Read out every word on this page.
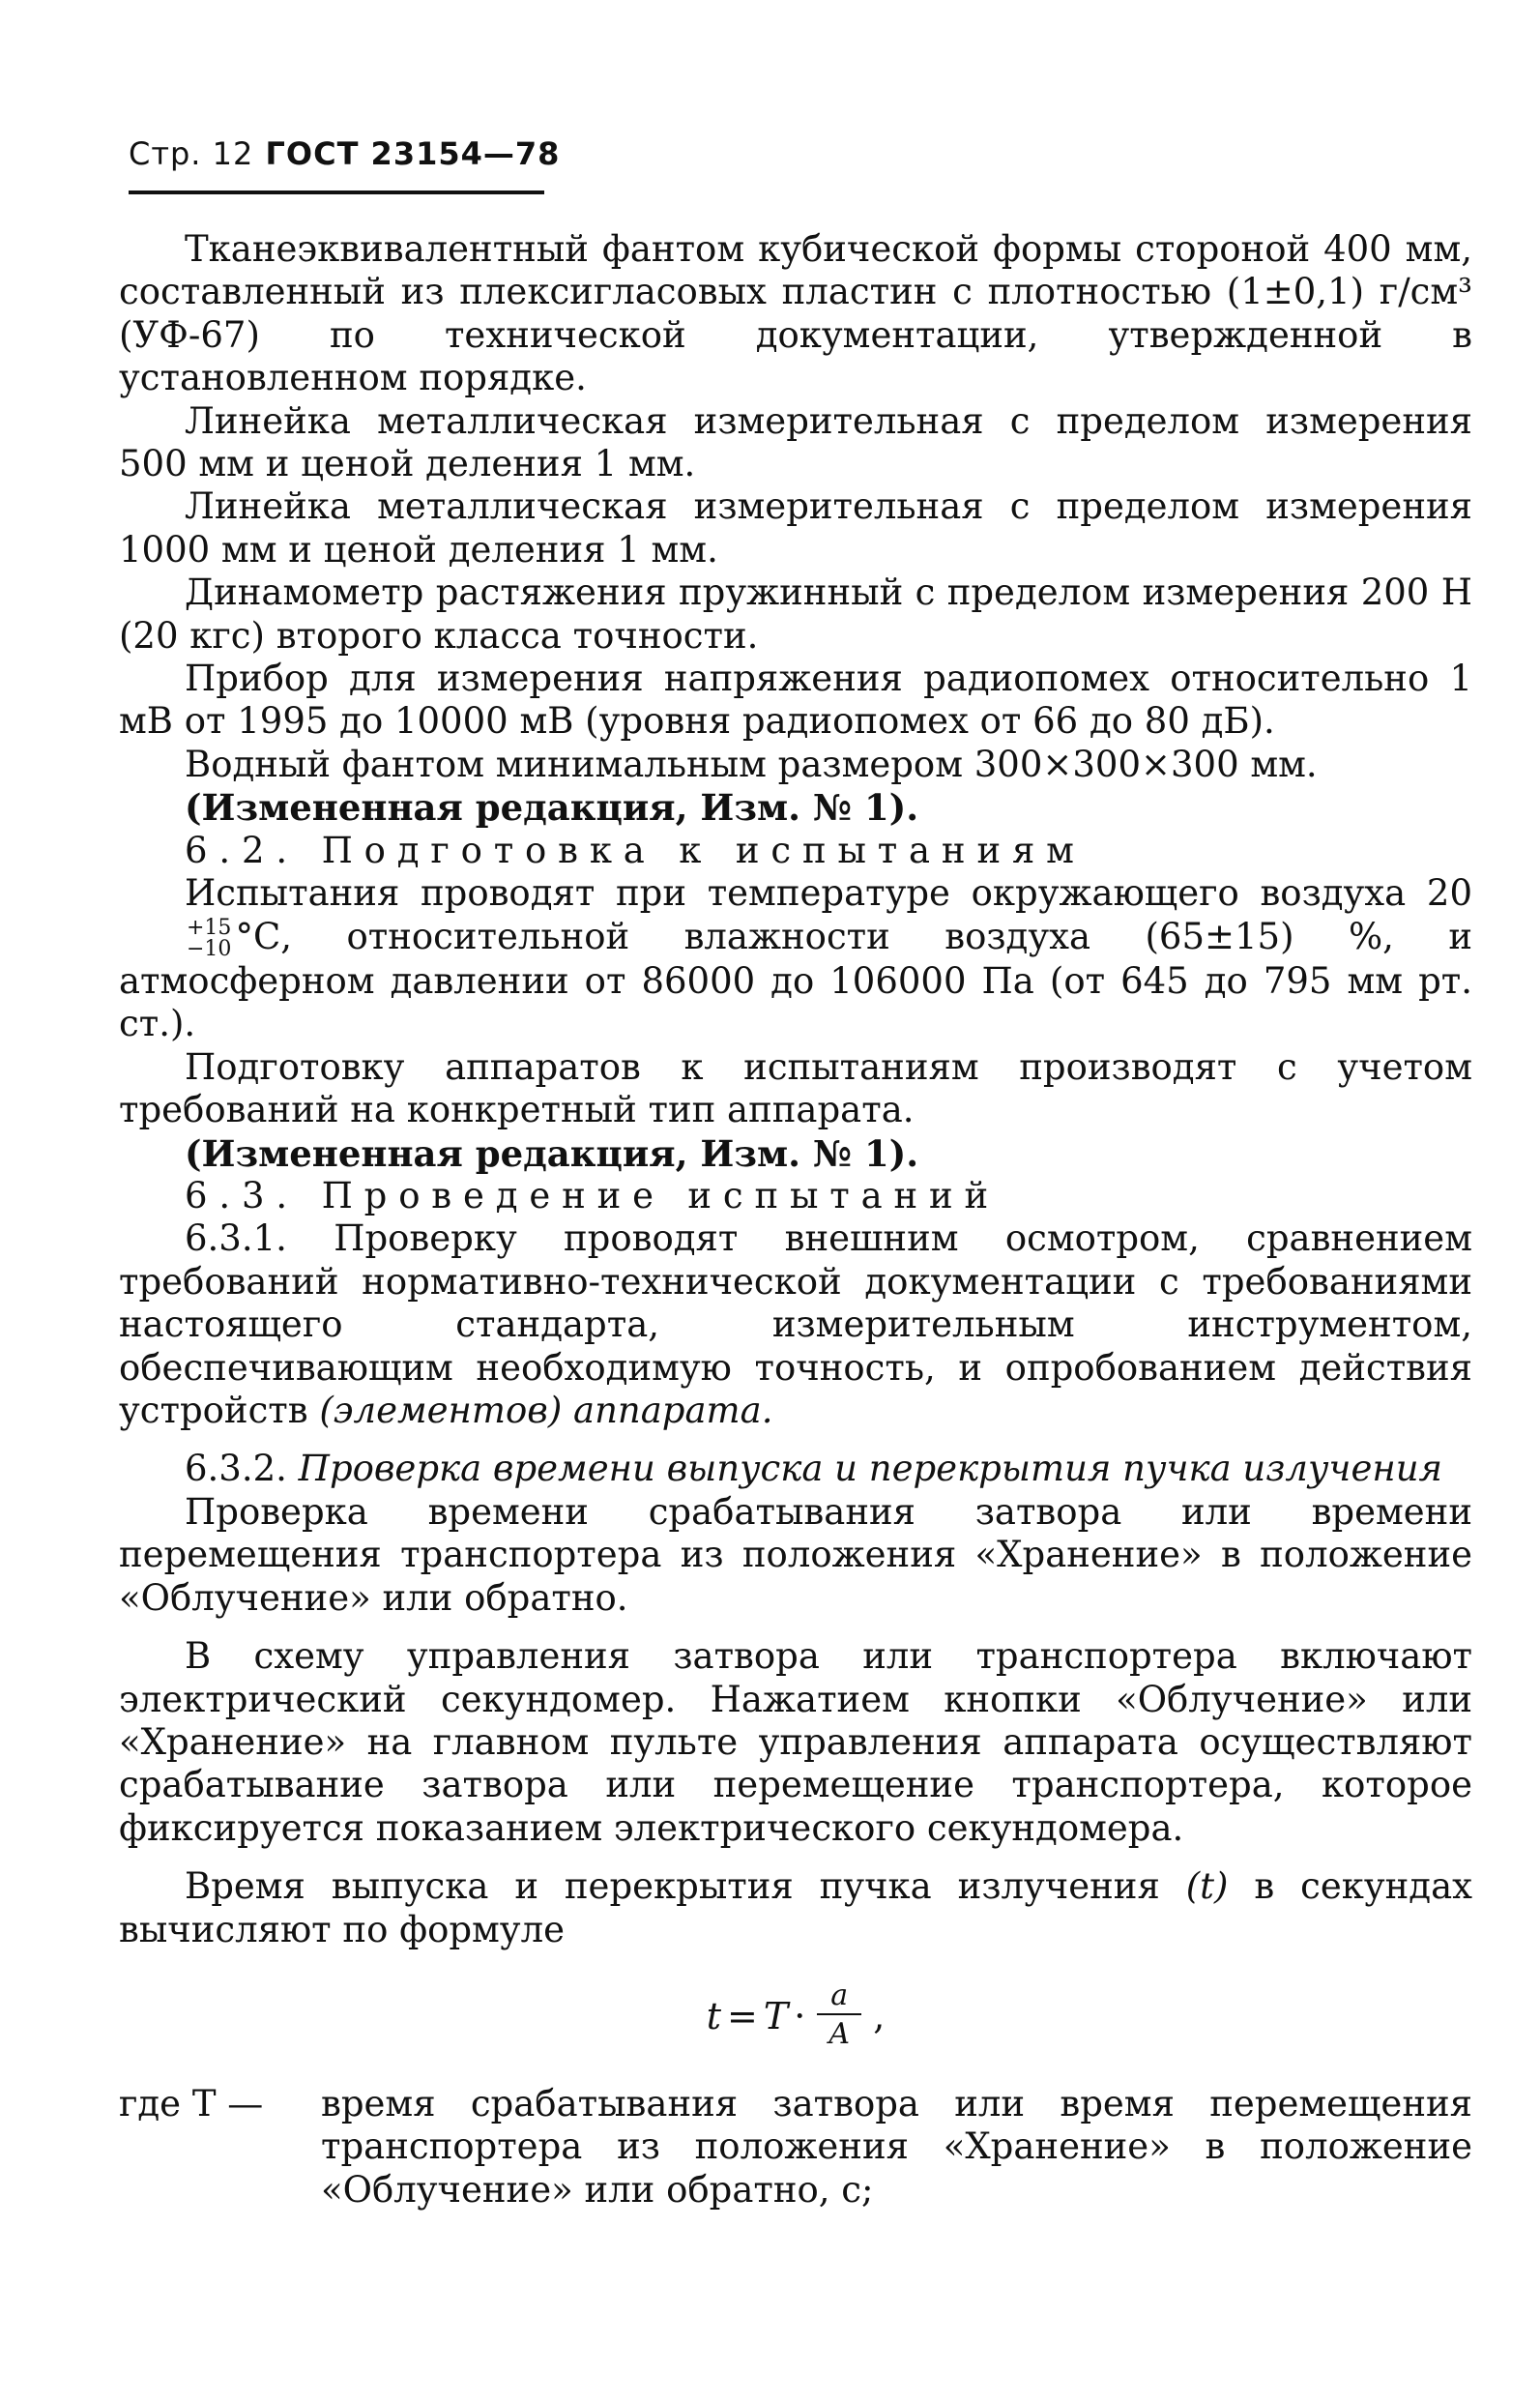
Стр. 12 ГОСТ 23154—78

Тканеэквивалентный фантом кубической формы стороной 400 мм, составленный из плексигласовых пластин с плотностью (1±0,1) г/см³ (УФ-67) по технической документации, утвержденной в установленном порядке.

Линейка металлическая измерительная с пределом измерения 500 мм и ценой деления 1 мм.

Линейка металлическая измерительная с пределом измерения 1000 мм и ценой деления 1 мм.

Динамометр растяжения пружинный с пределом измерения 200 Н (20 кгс) второго класса точности.

Прибор для измерения напряжения радиопомех относительно 1 мВ от 1995 до 10000 мВ (уровня радиопомех от 66 до 80 дБ).

Водный фантом минимальным размером 300×300×300 мм.

(Измененная редакция, Изм. № 1).

6.2. Подготовка к испытаниям

Испытания проводят при температуре окружающего воздуха 20
+15
−10 °С, относительной влажности воздуха (65±15) %, и атмосферном давлении от 86000 до 106000 Па (от 645 до 795 мм рт. ст.).

Подготовку аппаратов к испытаниям производят с учетом требований на конкретный тип аппарата.

(Измененная редакция, Изм. № 1).

6.3. Проведение испытаний

6.3.1. Проверку проводят внешним осмотром, сравнением требований нормативно-технической документации с требованиями настоящего стандарта, измерительным инструментом, обеспечивающим необходимую точность, и опробованием действия устройств (элементов) аппарата.

6.3.2. Проверка времени выпуска и перекрытия пучка излучения

Проверка времени срабатывания затвора или времени перемещения транспортера из положения «Хранение» в положение «Облучение» или обратно.

В схему управления затвора или транспортера включают электрический секундомер. Нажатием кнопки «Облучение» или «Хранение» на главном пульте управления аппарата осуществляют срабатывание затвора или перемещение транспортера, которое фиксируется показанием электрического секундомера.

Время выпуска и перекрытия пучка излучения (t) в секундах вычисляют по формуле

$t = T \cdot \frac{a}{A}$ ,
где T —	время срабатывания затвора или время перемещения транспортера из положения «Хранение» в положение «Облучение» или обратно, с;
